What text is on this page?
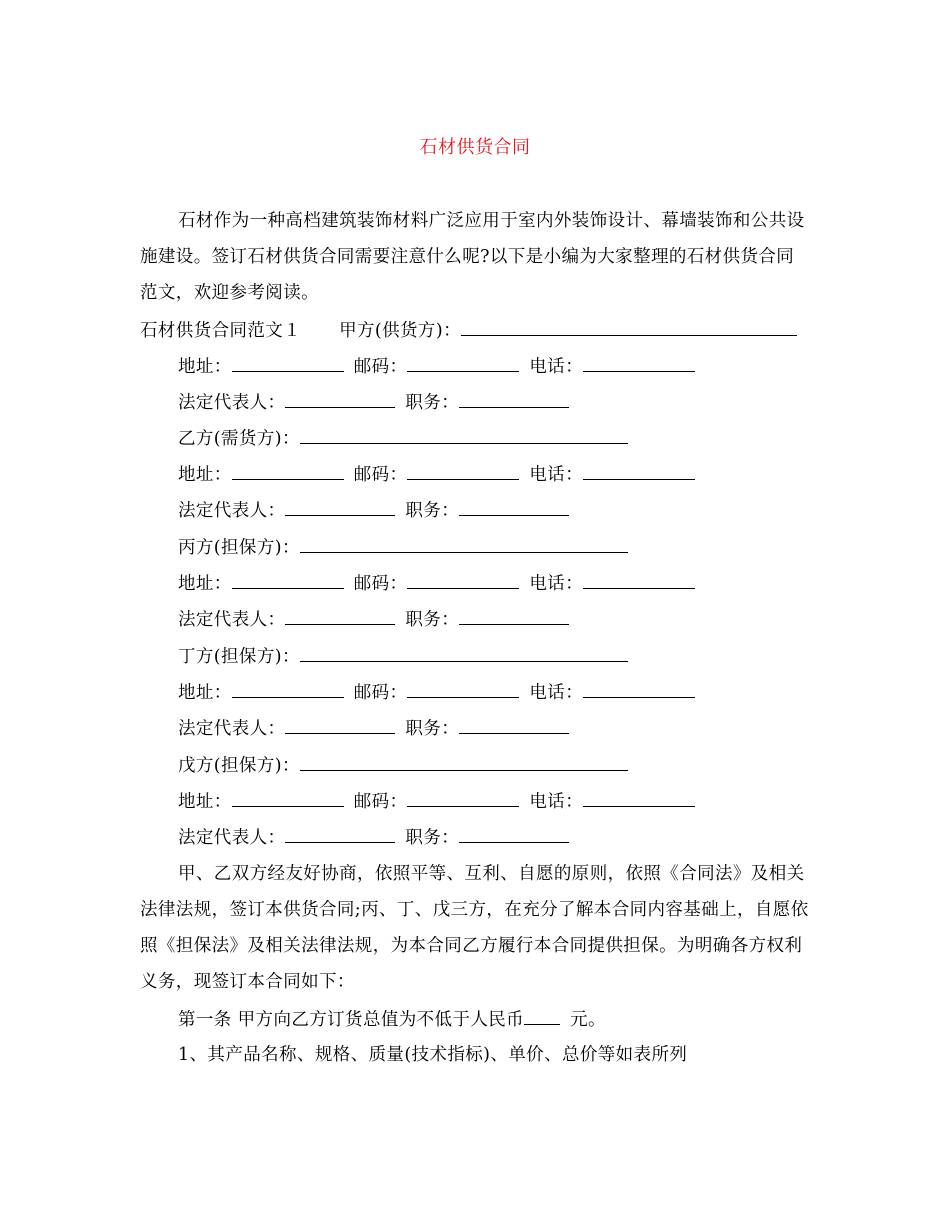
石材供货合同

石材作为一种高档建筑装饰材料广泛应用于室内外装饰设计、幕墙装饰和公共设施建设。签订石材供货合同需要注意什么呢?以下是小编为大家整理的石材供货合同范文，欢迎参考阅读。

石材供货合同范文１ 甲方(供货方)：
地址：	邮码：	电话：
法定代表人：	职务：
乙方(需货方)：
地址：	邮码：	电话：
法定代表人：	职务：
丙方(担保方)：
地址：	邮码：	电话：
法定代表人：	职务：
丁方(担保方)：
地址：	邮码：	电话：
法定代表人：	职务：
戊方(担保方)：
地址：	邮码：	电话：
法定代表人：	职务：

甲、乙双方经友好协商，依照平等、互利、自愿的原则，依照《合同法》及相关法律法规，签订本供货合同;丙、丁、戊三方，在充分了解本合同内容基础上，自愿依照《担保法》及相关法律法规，为本合同乙方履行本合同提供担保。为明确各方权利义务，现签订本合同如下：

第一条 甲方向乙方订货总值为不低于人民币	元。
1、其产品名称、规格、质量(技术指标)、单价、总价等如表所列
